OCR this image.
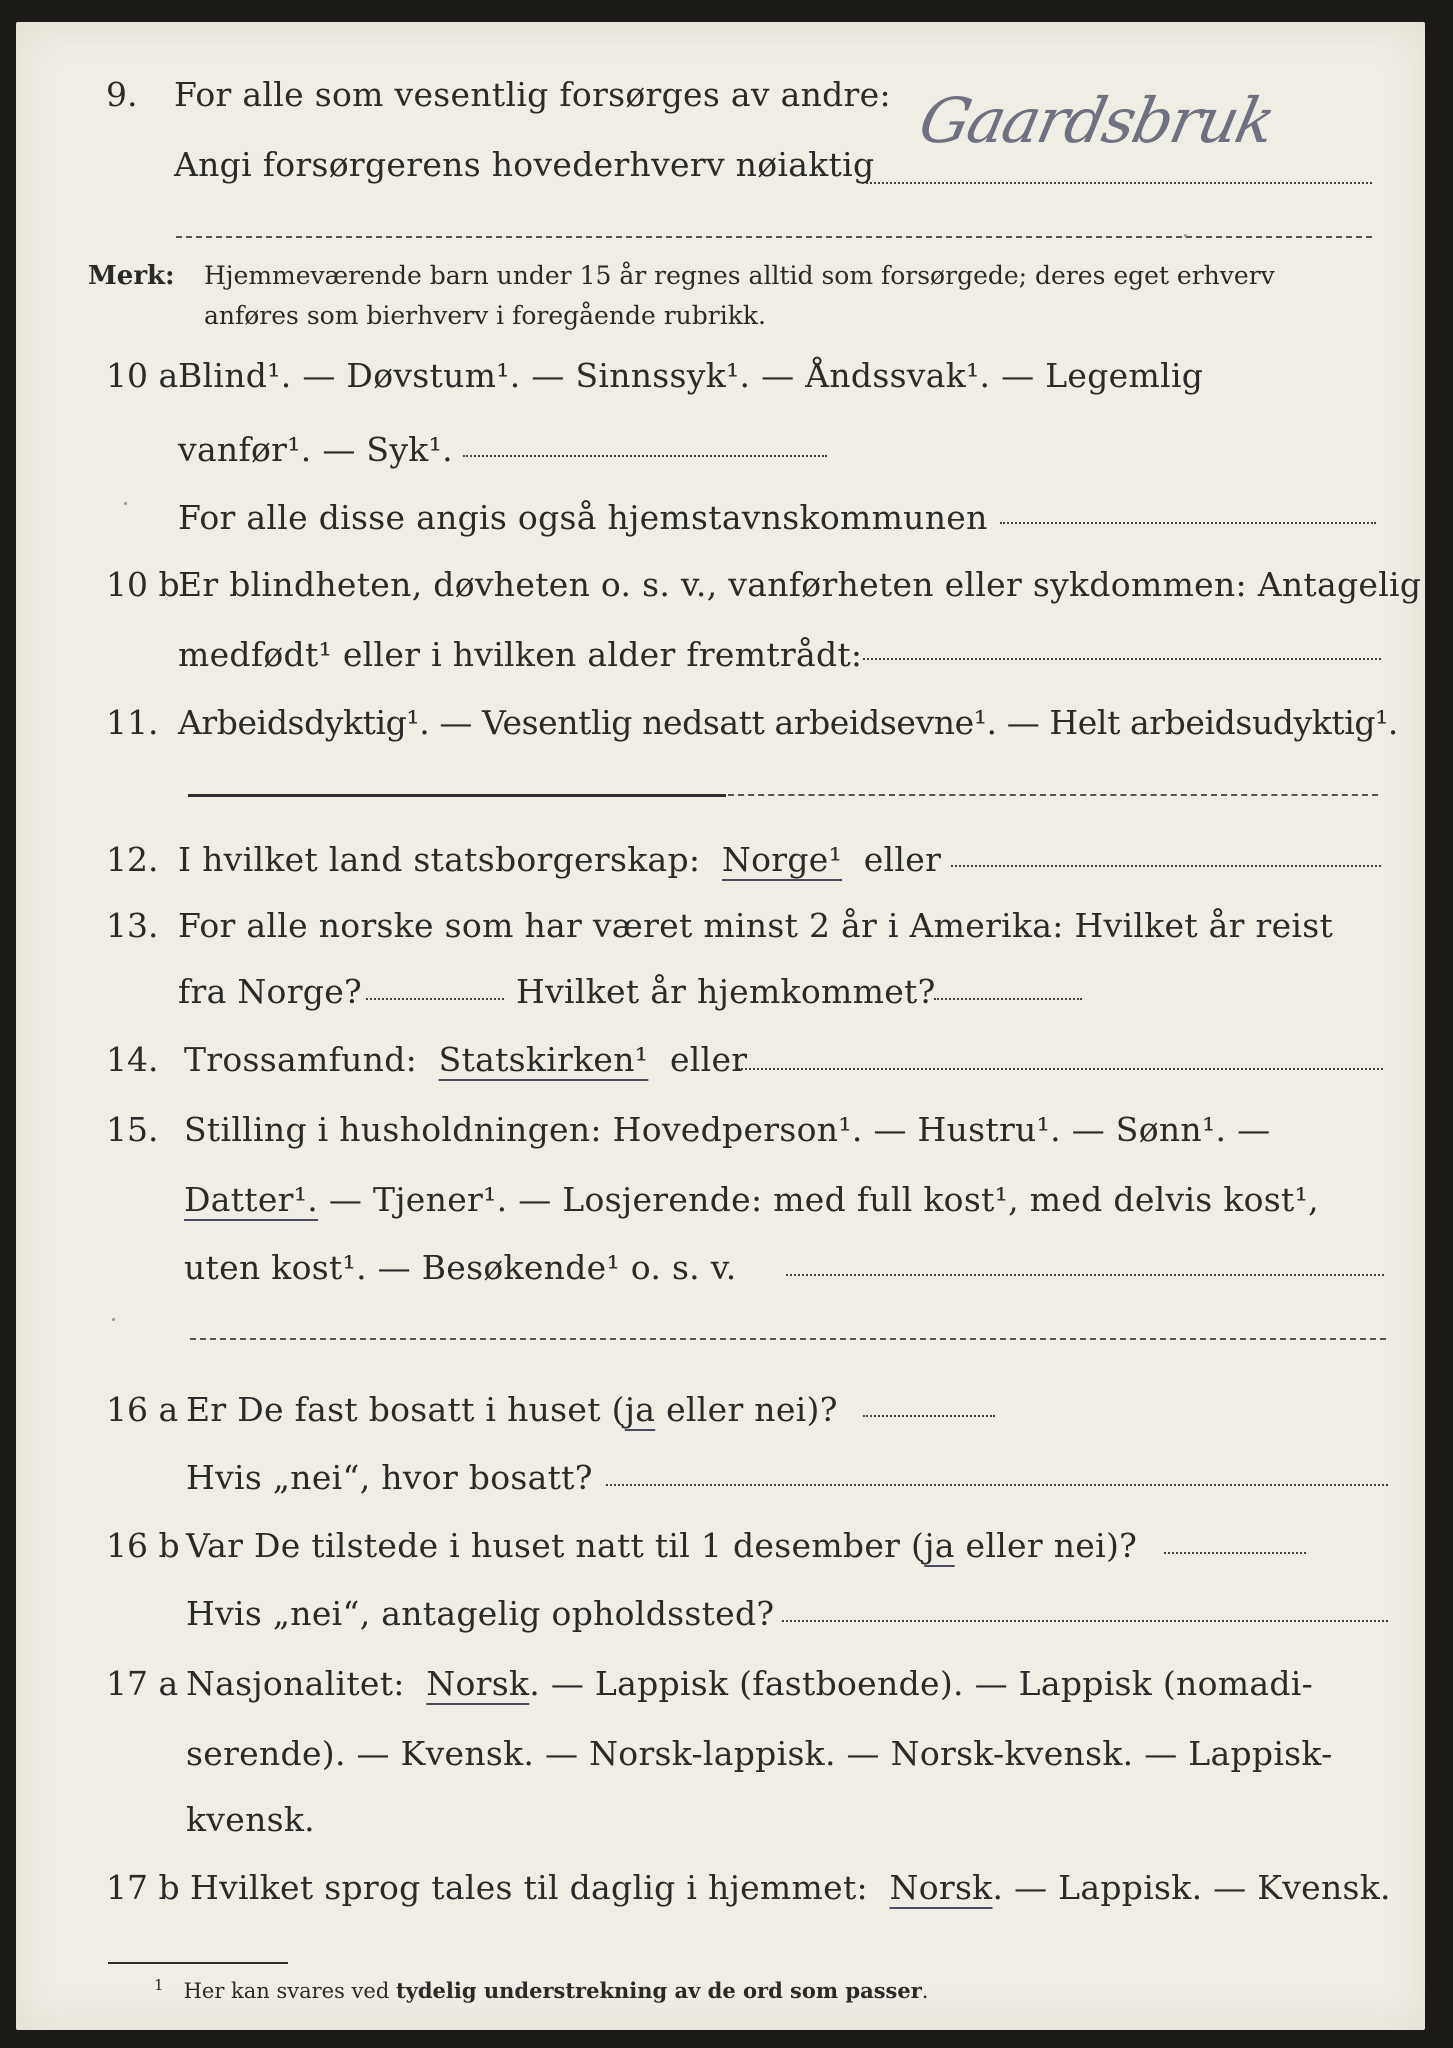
9. For alle som vesentlig forsørges av andre: Gaardsbruk
Angi forsørgerens hovederhverv nøiaktig
Merk: Hjemmeværende barn under 15 år regnes alltid som forsørgede; deres eget erhverv
anføres som bierhverv i foregående rubrikk.
10 a Blind¹. — Døvstum¹. — Sinnssyk¹. — Åndssvak¹. — Legemlig
vanfør¹. — Syk¹.
For alle disse angis også hjemstavnskommunen
10 b
Er blindheten, døvheten o. s. v., vanførheten eller sykdommen: Antagelig
medfødt¹ eller i hvilken alder fremtrådt:
11. Arbeidsdyktig¹. — Vesentlig nedsatt arbeidsevne¹. — Helt arbeidsudyktig¹.
12. I hvilket land statsborgerskap: Norge¹ eller
13. For alle norske som har været minst 2 år i Amerika: Hvilket år reist
fra Norge?	Hvilket år hjemkommet?
14. Trossamfund: Statskirken¹ eller
15. Stilling i husholdningen: Hovedperson¹. — Hustru¹. — Sønn¹. —
Datter¹. — Tjener¹. — Losjerende: med full kost¹, med delvis kost¹,
uten kost¹. — Besøkende¹ o. s. v.
16 a Er De fast bosatt i huset (ja eller nei)?
Hvis „nei“, hvor bosatt?
16 b Var De tilstede i huset natt til 1 desember (ja eller nei)?
Hvis „nei“, antagelig opholdssted?
17 a Nasjonalitet: Norsk. — Lappisk (fastboende). — Lappisk (nomadi-
serende). — Kvensk. — Norsk-lappisk. — Norsk-kvensk. — Lappisk-
kvensk.
17 b Hvilket sprog tales til daglig i hjemmet: Norsk. — Lappisk. — Kvensk.
$^1$ Her kan svares ved tydelig understrekning av de ord som passer.
